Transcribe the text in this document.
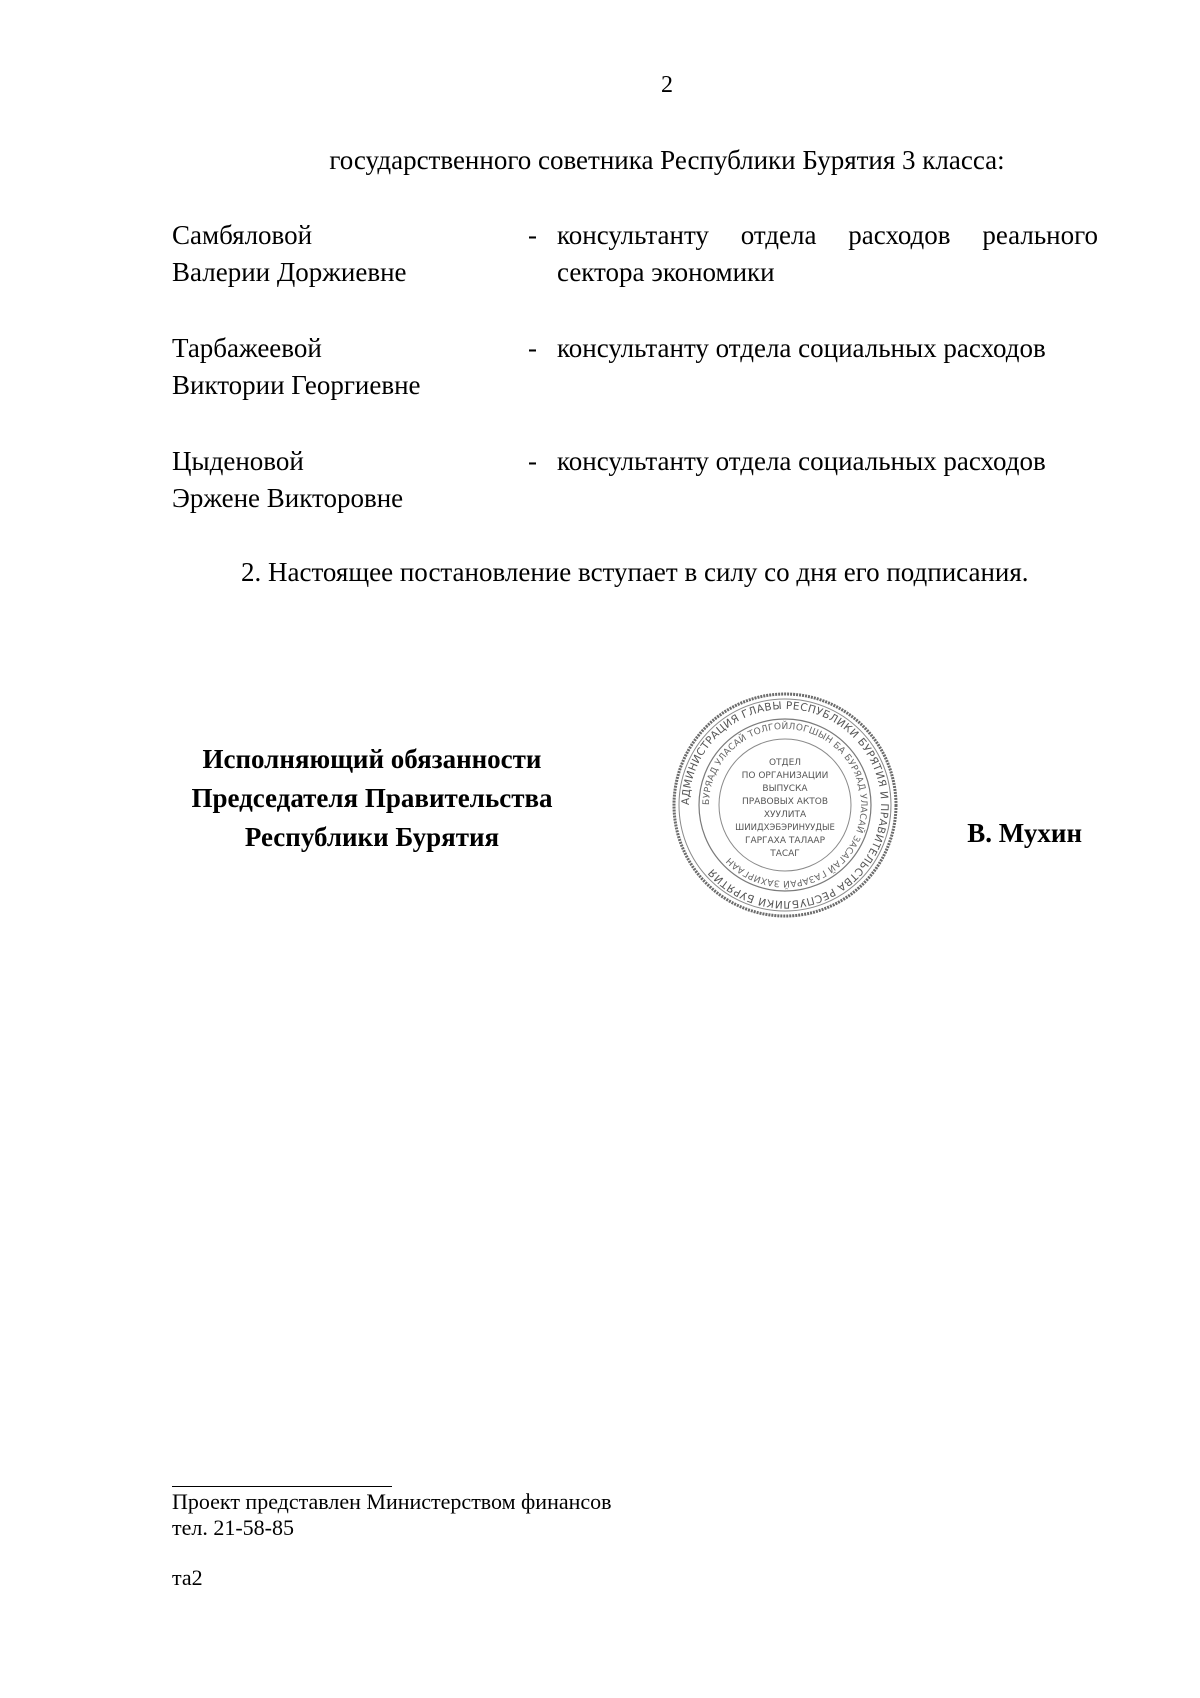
2
государственного советника Республики Бурятия 3 класса:
Самбяловой
Валерии Доржиевне
- консультанту отдела расходов реального сектора экономики
Тарбажеевой
Виктории Георгиевне
- консультанту отдела социальных расходов
Цыденовой
Эржене Викторовне
- консультанту отдела социальных расходов
2. Настоящее постановление вступает в силу со дня его подписания.
Исполняющий обязанности
Председателя Правительства
Республики Бурятия
АДМИНИСТРАЦИЯ ГЛАВЫ РЕСПУБЛИКИ БУРЯТИЯ И ПРАВИТЕЛЬСТВА РЕСПУБЛИКИ БУРЯТИЯ
БУРЯАД УЛАСАЙ ТОЛГОЙЛОГШЫН БА БУРЯАД УЛАСАЙ ЗАСАГАЙ ГАЗАРАЙ ЗАХИРГААН
ОТДЕЛ
ПО ОРГАНИЗАЦИИ
ВЫПУСКА
ПРАВОВЫХ АКТОВ
ХУУЛИТА
ШИИДХЭБЭРИНУУДЫЕ
ГАРГАХА ТАЛААР
ТАСАГ
В. Мухин
Проект представлен Министерством финансов
тел. 21-58-85
та2
